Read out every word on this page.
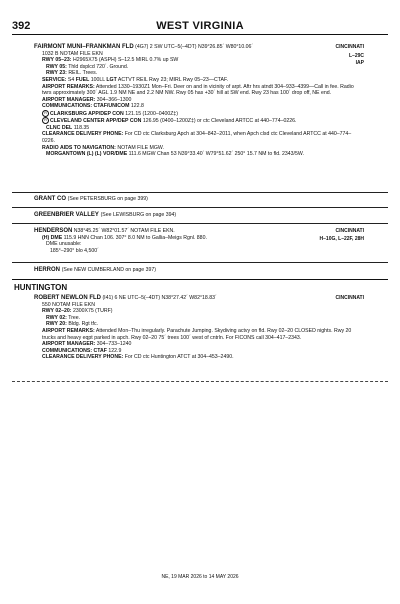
392	WEST VIRGINIA
CINCINNATI
L–29C
IAP
FAIRMONT MUNI–FRANKMAN FLD (4G7) 2 SW UTC–5(–4DT) N39°26.85´ W80°10.06´
1032 B NOTAM FILE EKN
RWY 05–23: H2965X75 (ASPH) S–12.5 MIRL 0.7% up SW
RWY 05: Thld dsplcd 720´. Ground.
RWY 23: REIL. Trees.
SERVICE: S4 FUEL 100LL LGT ACTVT REIL Rwy 23; MIRL Rwy 05–23—CTAF.
AIRPORT REMARKS: Attended 1330–1930Z1 Mon–Fri. Deer on and in vicinity of arpt. Aftr hrs atndt 304–933–4399—Call in fee. Radio twrs approximately 300´ AGL 1.9 NM NE and 2.2 NM NW. Rwy 05 has +30´ hill at SW end. Rwy 23 has 100´ drop off, NE end.
AIRPORT MANAGER: 304–366–1300
COMMUNICATIONS: CTAF/UNICOM 122.8
R CLARKSBURG APP/DEP CON 121.15 (1200–0400Z‡)
R CLEVELAND CENTER APP/DEP CON 126.95 (0400–1200Z‡) or ctc Cleveland ARTCC at 440–774–0226.
CLNC DEL 118.35
CLEARANCE DELIVERY PHONE: For CD ctc Clarksburg Apch at 304–842–2011, when Apch clsd ctc Cleveland ARTCC at 440–774–0226.
RADIO AIDS TO NAVIGATION: NOTAM FILE MGW.
MORGANTOWN (L) (L) VOR/DME 111.6 MGW Chan 53 N39°33.40´ W79°51.62´ 250° 15.7 NM to fld. 2343/5W.
GRANT CO (See PETERSBURG on page 399)
GREENBRIER VALLEY (See LEWISBURG on page 394)
CINCINNATI
H–10G, L–22F, 28H
HENDERSON N38°45.25´ W82°01.57´ NOTAM FILE EKN.
(H) DME 115.9 HNN Chan 106. 307° 8.0 NM to Gallia–Meigs Rgnl. 880.
DME unusable:
185°–290° blo 4,500´
HERRON (See NEW CUMBERLAND on page 397)
HUNTINGTON
CINCINNATI
ROBERT NEWLON FLD (I41) 6 NE UTC–5(–4DT) N38°27.42´ W82°18.83´
550 NOTAM FILE EKN
RWY 02–20: 2300X75 (TURF)
RWY 02: Tree.
RWY 20: Bldg. Rgt tfc.
AIRPORT REMARKS: Attended Mon–Thu irregularly. Parachute Jumping. Skydiving actvy on fld. Rwy 02–20 CLOSED nights. Rwy 20 trucks and heavy eqpt parked in apch. Rwy 02–20 75´ trees 100´ west of cntrln. For FICONS call 304–417–2343.
AIRPORT MANAGER: 304–733–1240
COMMUNICATIONS: CTAF 122.9
CLEARANCE DELIVERY PHONE: For CD ctc Huntington ATCT at 304–453–2490.
NE, 19 MAR 2026 to 14 MAY 2026
